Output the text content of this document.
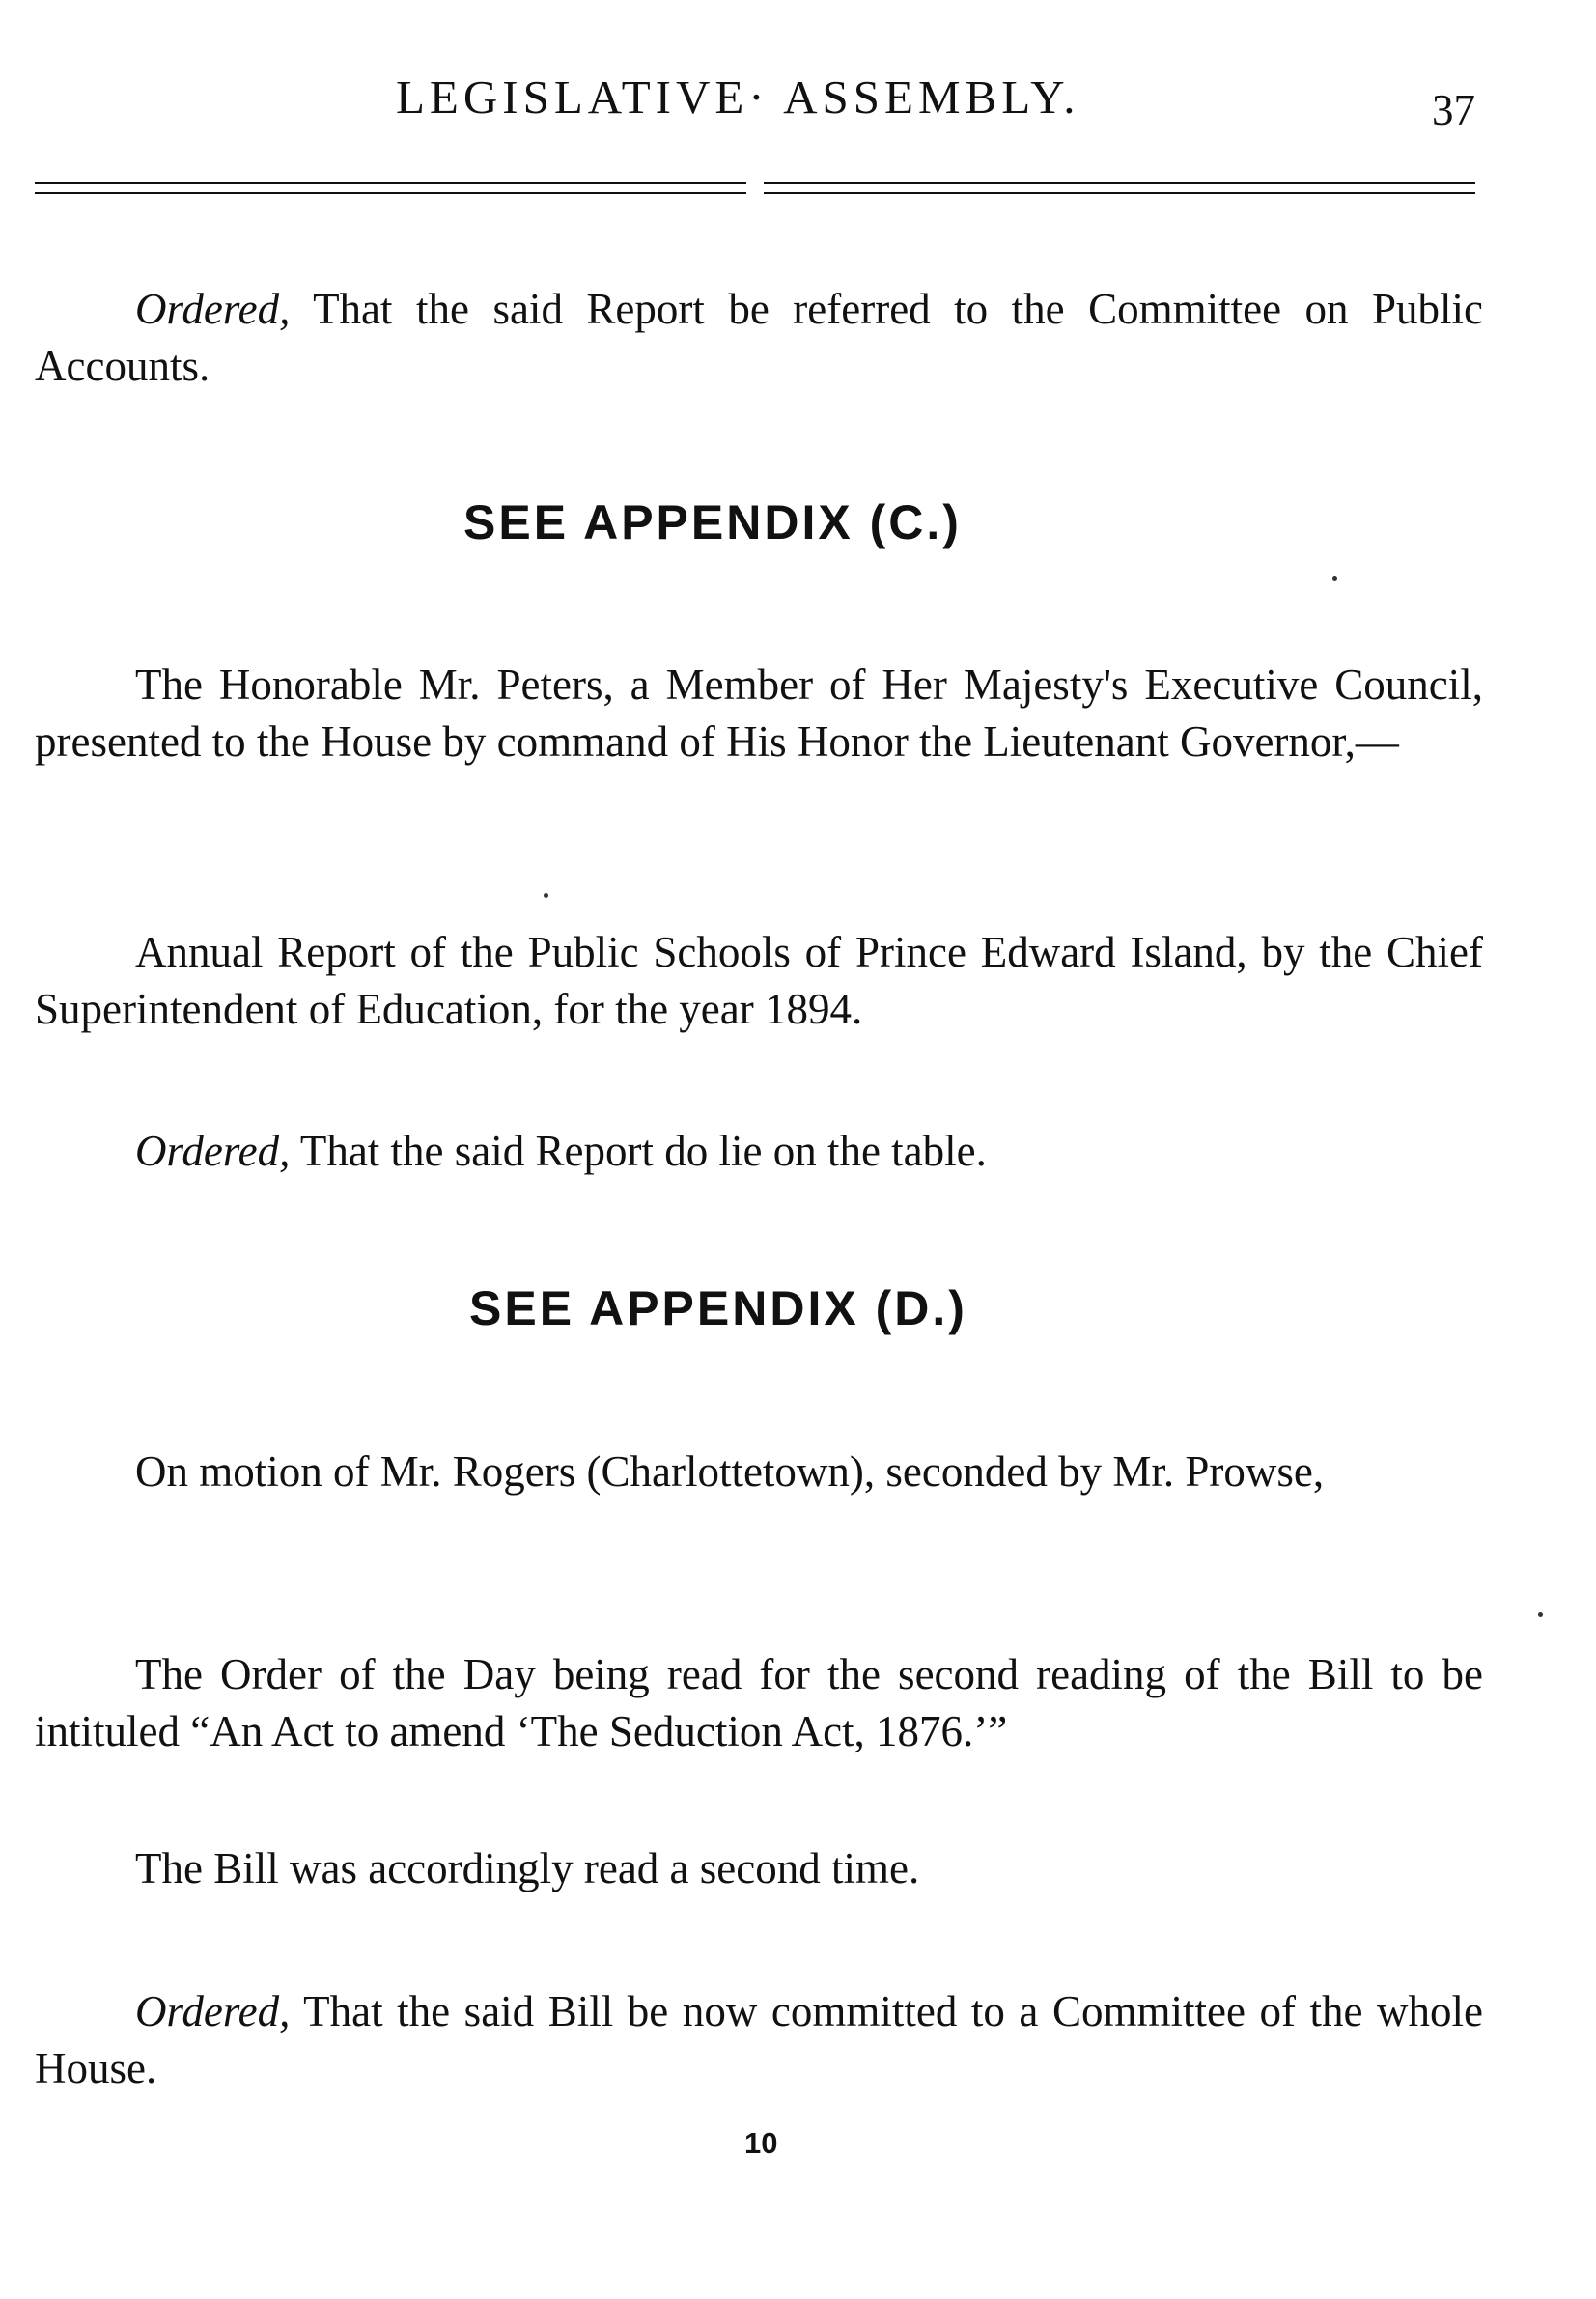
LEGISLATIVE· ASSEMBLY.	37

Ordered, That the said Report be referred to the Committee on Public Accounts.

SEE APPENDIX (C.)

The Honorable Mr. Peters, a Member of Her Majesty's Executive Council, presented to the House by command of His Honor the Lieutenant Governor,—

Annual Report of the Public Schools of Prince Edward Island, by the Chief Superintendent of Education, for the year 1894.

Ordered, That the said Report do lie on the table.

SEE APPENDIX (D.)

On motion of Mr. Rogers (Charlottetown), seconded by Mr. Prowse,

The Order of the Day being read for the second reading of the Bill to be intituled “An Act to amend ‘The Seduction Act, 1876.’”

The Bill was accordingly read a second time.

Ordered, That the said Bill be now committed to a Committee of the whole House.

10
